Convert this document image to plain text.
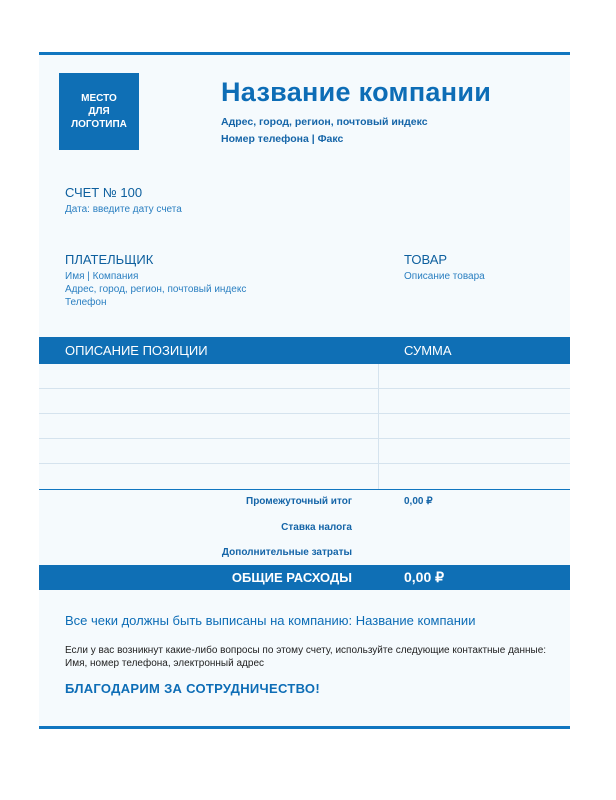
МЕСТО
ДЛЯ
ЛОГОТИПА
Название компании
Адрес, город, регион, почтовый индекс
Номер телефона | Факс
СЧЕТ № 100
Дата: введите дату счета
ПЛАТЕЛЬЩИК
Имя | Компания
Адрес, город, регион, почтовый индекс
Телефон
ТОВАР
Описание товара
ОПИСАНИЕ ПОЗИЦИИ	СУММА
Промежуточный итог	0,00 ₽
Ставка налога
Дополнительные затраты
ОБЩИЕ РАСХОДЫ	0,00 ₽
Все чеки должны быть выписаны на компанию: Название компании
Если у вас возникнут какие-либо вопросы по этому счету, используйте следующие контактные данные:
Имя, номер телефона, электронный адрес
БЛАГОДАРИМ ЗА СОТРУДНИЧЕСТВО!
